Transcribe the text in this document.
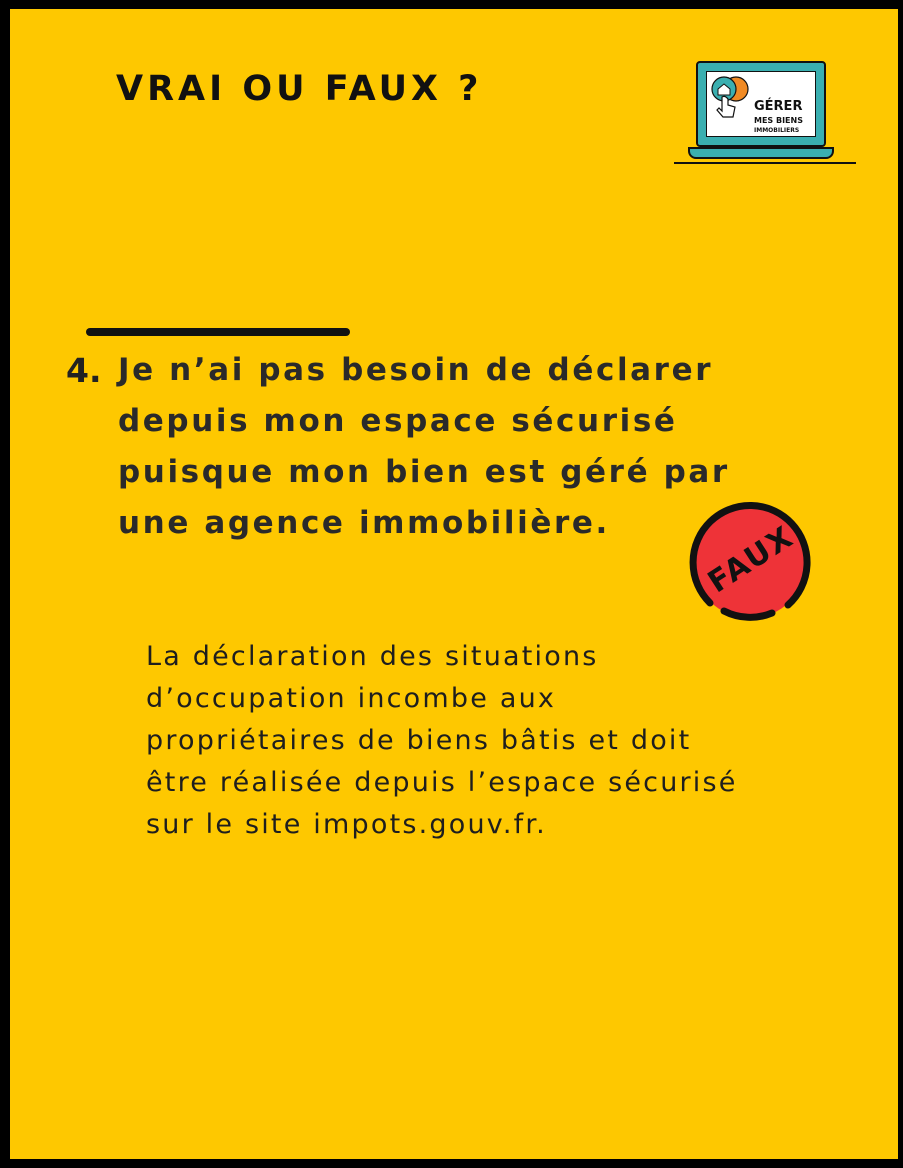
VRAI OU FAUX ?	GÉRER
MES BIENS
IMMOBILIERS
4. Je n’ai pas besoin de déclarer
depuis mon espace sécurisé
puisque mon bien est géré par
une agence immobilière.	FAUX
La déclaration des situations
d’occupation incombe aux
propriétaires de biens bâtis et doit
être réalisée depuis l’espace sécurisé
sur le site impots.gouv.fr.
